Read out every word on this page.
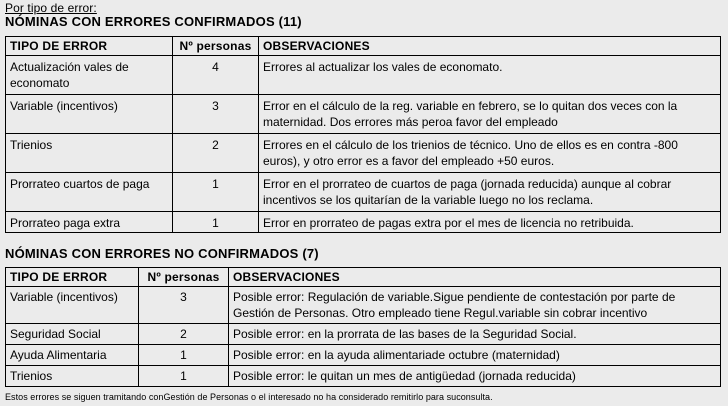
Por tipo de error:
NÓMINAS CON ERRORES CONFIRMADOS (11)
TIPO DE ERROR	Nº personas	OBSERVACIONES
Actualización vales de economato	4	Errores al actualizar los vales de economato.
Variable (incentivos)	3	Error en el cálculo de la reg. variable en febrero, se lo quitan dos veces con la maternidad. Dos errores más peroa favor del empleado
Trienios	2	Errores en el cálculo de los trienios de técnico. Uno de ellos es en contra -800 euros), y otro error es a favor del empleado +50 euros.
Prorrateo cuartos de paga	1	Error en el prorrateo de cuartos de paga (jornada reducida) aunque al cobrar incentivos se los quitarían de la variable luego no los reclama.
Prorrateo paga extra	1	Error en prorrateo de pagas extra por el mes de licencia no retribuida.
NÓMINAS CON ERRORES NO CONFIRMADOS (7)
TIPO DE ERROR	Nº personas	OBSERVACIONES
Variable (incentivos)	3	Posible error: Regulación de variable.Sigue pendiente de contestación por parte de Gestión de Personas. Otro empleado tiene Regul.variable sin cobrar incentivo
Seguridad Social	2	Posible error: en la prorrata de las bases de la Seguridad Social.
Ayuda Alimentaria	1	Posible error: en la ayuda alimentariade octubre (maternidad)
Trienios	1	Posible error: le quitan un mes de antigüedad (jornada reducida)
Estos errores se siguen tramitando conGestión de Personas o el interesado no ha considerado remitirlo para suconsulta.
